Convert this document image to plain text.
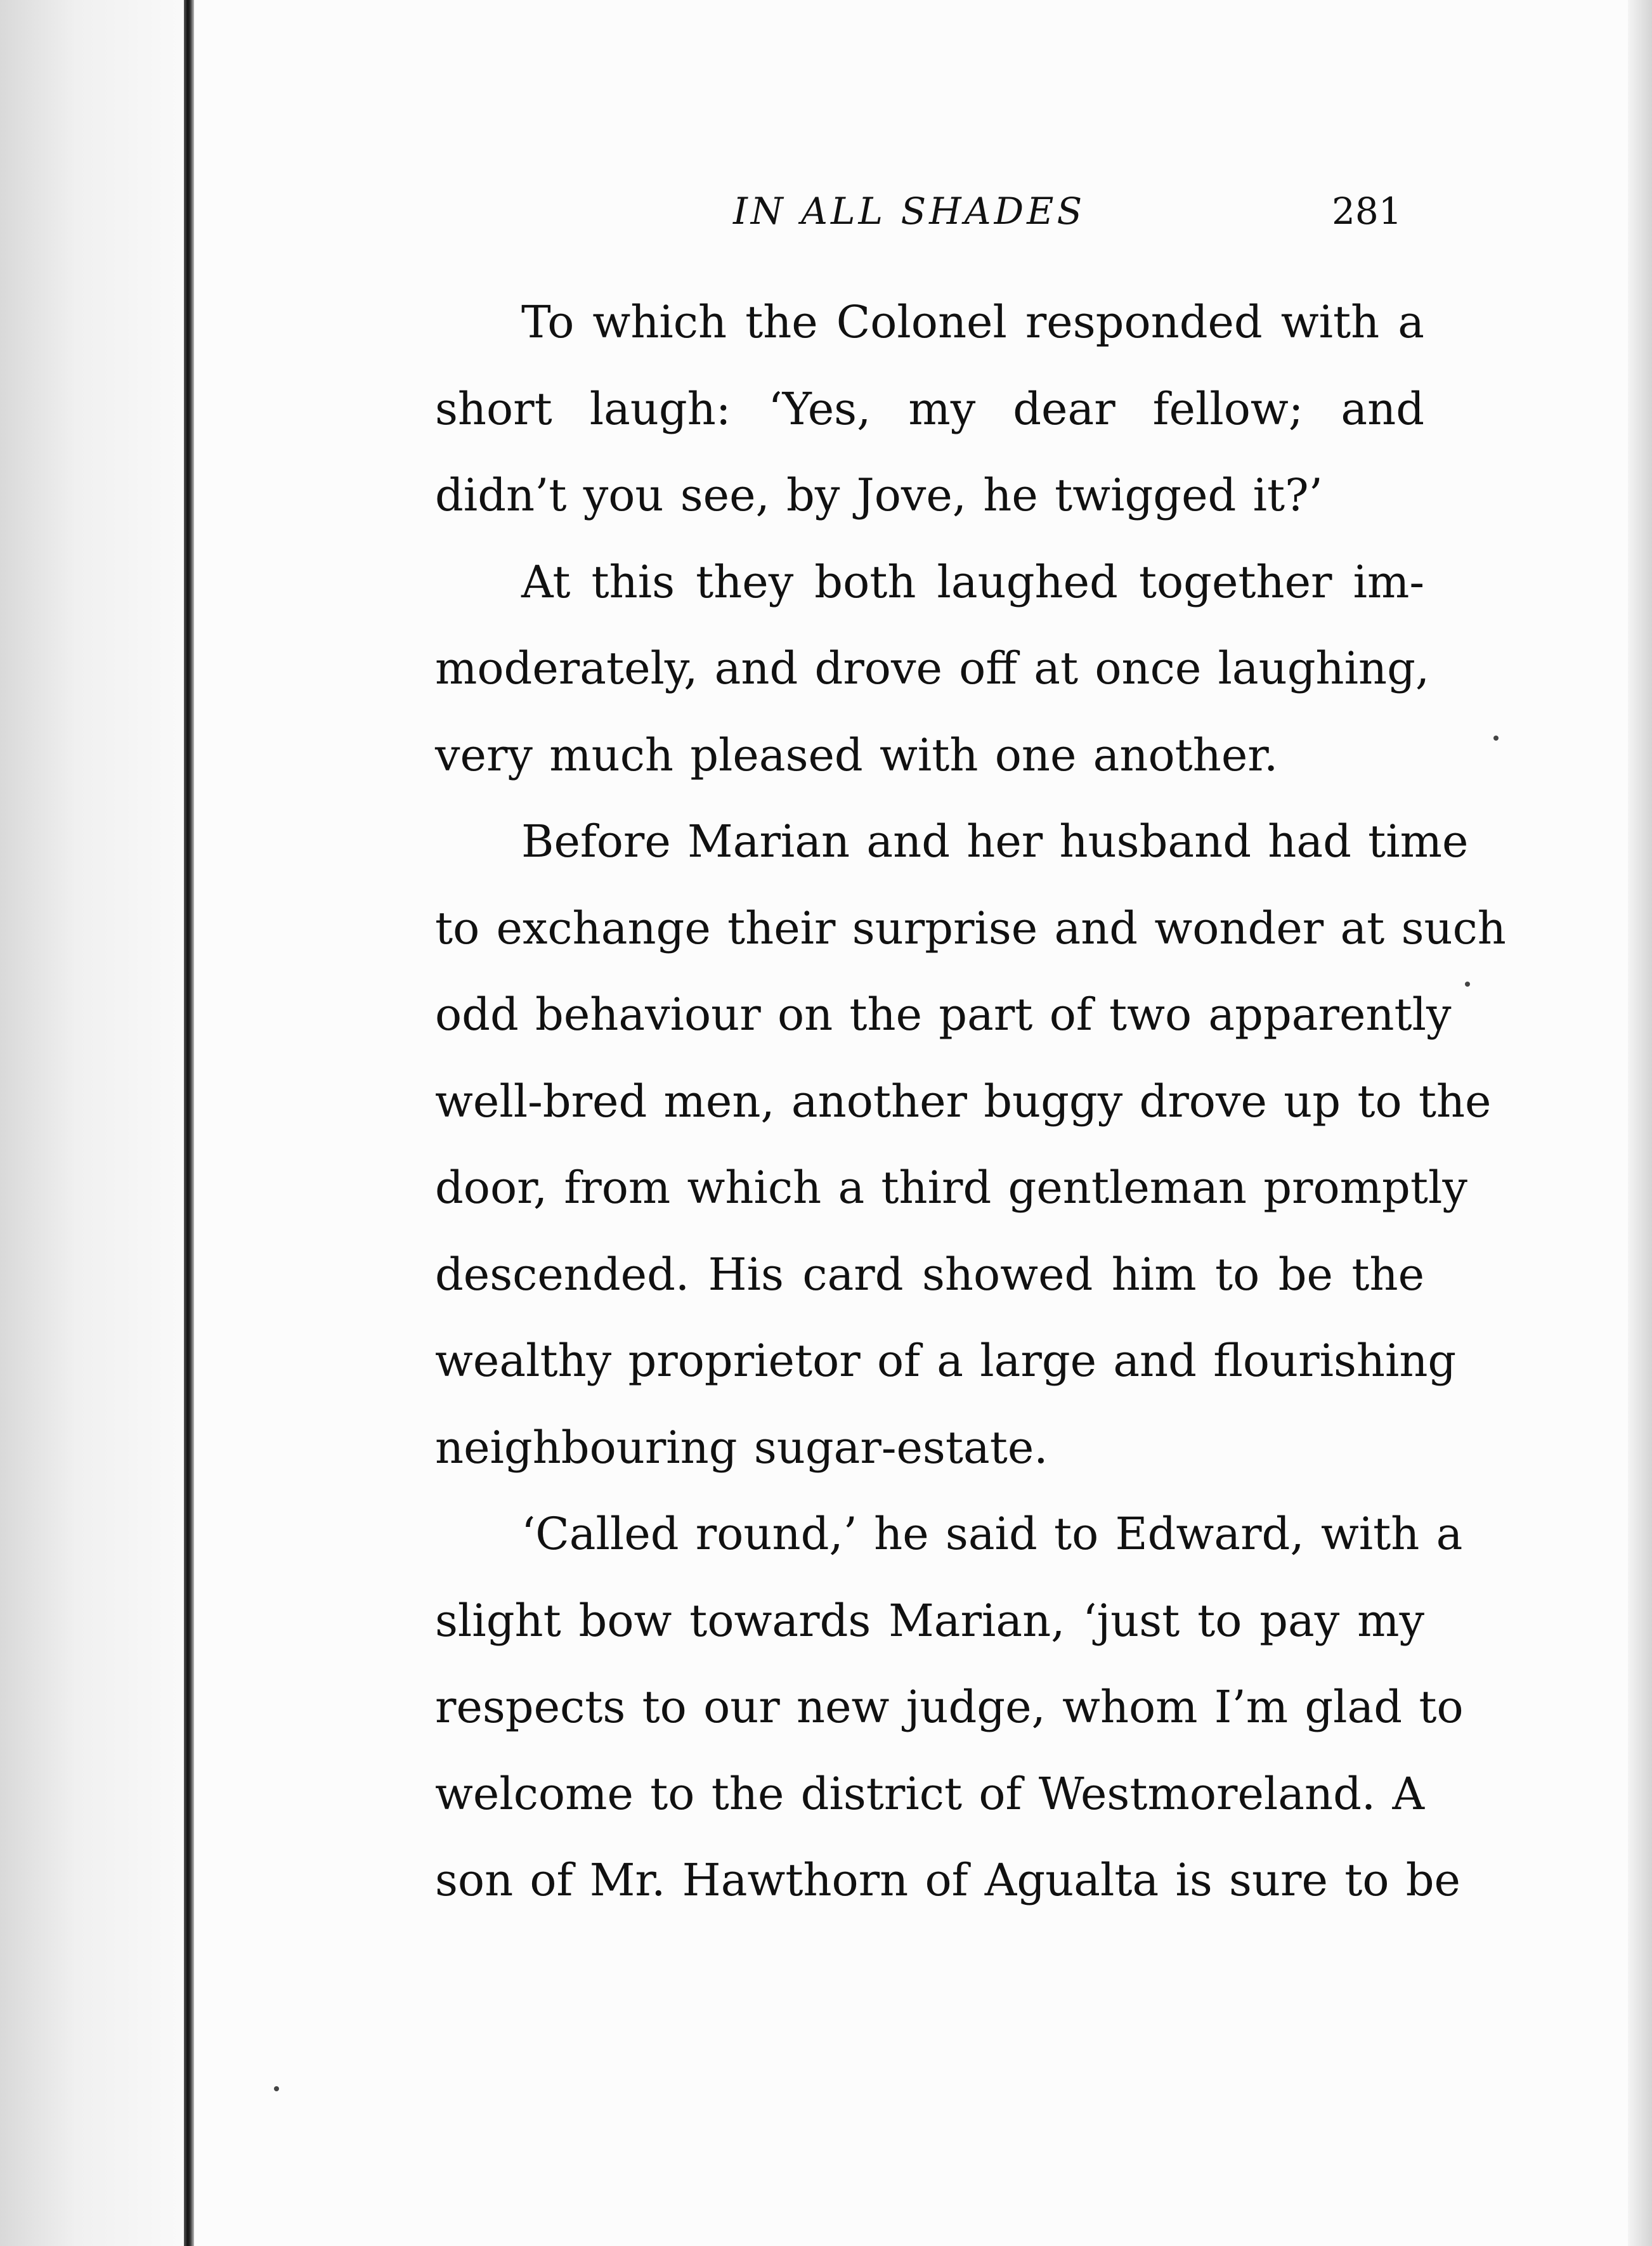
IN ALL SHADES	281
To which the Colonel responded with a
short laugh: ‘Yes, my dear fellow; and
didn’t you see, by Jove, he twigged it?’
At this they both laughed together im-
moderately, and drove off at once laughing,
very much pleased with one another.
Before Marian and her husband had time
to exchange their surprise and wonder at such
odd behaviour on the part of two apparently
well-bred men, another buggy drove up to the
door, from which a third gentleman promptly
descended. His card showed him to be the
wealthy proprietor of a large and flourishing
neighbouring sugar-estate.
‘Called round,’ he said to Edward, with a
slight bow towards Marian, ‘just to pay my
respects to our new judge, whom I’m glad to
welcome to the district of Westmoreland. A
son of Mr. Hawthorn of Agualta is sure to be
